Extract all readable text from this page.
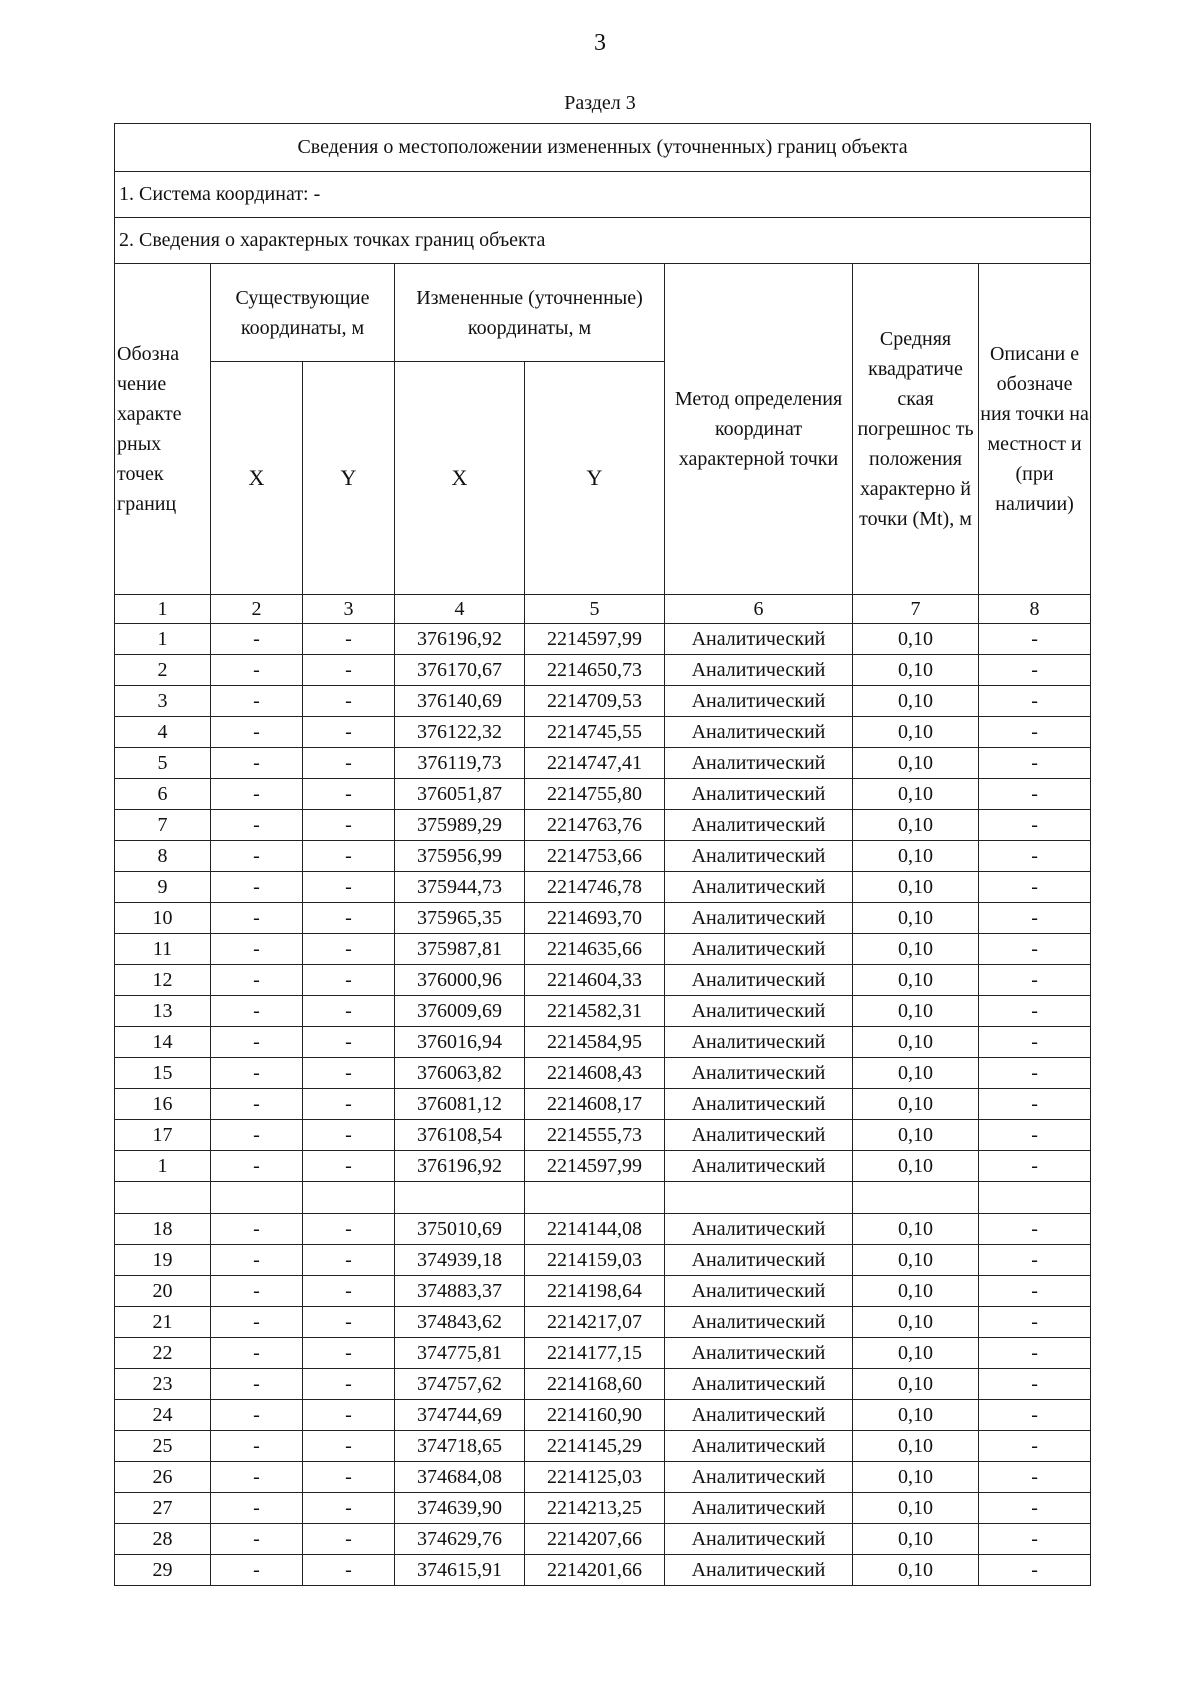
3
Раздел 3
Сведения о местоположении измененных (уточненных) границ объекта							
1. Система координат: -							
2. Сведения о характерных точках границ объекта							
Обозна чение характе рных точек границ	Существующие координаты, м		Измененные (уточненные) координаты, м		Метод определения координат характерной точки	Средняя квадратиче ская погрешнос ть положения характерно й точки (Mt), м	Описани е обозначе ния точки на местност и (при наличии)
	X	Y	X	Y			
1	2	3	4	5	6	7	8
1	-	-	376196,92	2214597,99	Аналитический	0,10	-
2	-	-	376170,67	2214650,73	Аналитический	0,10	-
3	-	-	376140,69	2214709,53	Аналитический	0,10	-
4	-	-	376122,32	2214745,55	Аналитический	0,10	-
5	-	-	376119,73	2214747,41	Аналитический	0,10	-
6	-	-	376051,87	2214755,80	Аналитический	0,10	-
7	-	-	375989,29	2214763,76	Аналитический	0,10	-
8	-	-	375956,99	2214753,66	Аналитический	0,10	-
9	-	-	375944,73	2214746,78	Аналитический	0,10	-
10	-	-	375965,35	2214693,70	Аналитический	0,10	-
11	-	-	375987,81	2214635,66	Аналитический	0,10	-
12	-	-	376000,96	2214604,33	Аналитический	0,10	-
13	-	-	376009,69	2214582,31	Аналитический	0,10	-
14	-	-	376016,94	2214584,95	Аналитический	0,10	-
15	-	-	376063,82	2214608,43	Аналитический	0,10	-
16	-	-	376081,12	2214608,17	Аналитический	0,10	-
17	-	-	376108,54	2214555,73	Аналитический	0,10	-
1	-	-	376196,92	2214597,99	Аналитический	0,10	-

18	-	-	375010,69	2214144,08	Аналитический	0,10	-
19	-	-	374939,18	2214159,03	Аналитический	0,10	-
20	-	-	374883,37	2214198,64	Аналитический	0,10	-
21	-	-	374843,62	2214217,07	Аналитический	0,10	-
22	-	-	374775,81	2214177,15	Аналитический	0,10	-
23	-	-	374757,62	2214168,60	Аналитический	0,10	-
24	-	-	374744,69	2214160,90	Аналитический	0,10	-
25	-	-	374718,65	2214145,29	Аналитический	0,10	-
26	-	-	374684,08	2214125,03	Аналитический	0,10	-
27	-	-	374639,90	2214213,25	Аналитический	0,10	-
28	-	-	374629,76	2214207,66	Аналитический	0,10	-
29	-	-	374615,91	2214201,66	Аналитический	0,10	-
